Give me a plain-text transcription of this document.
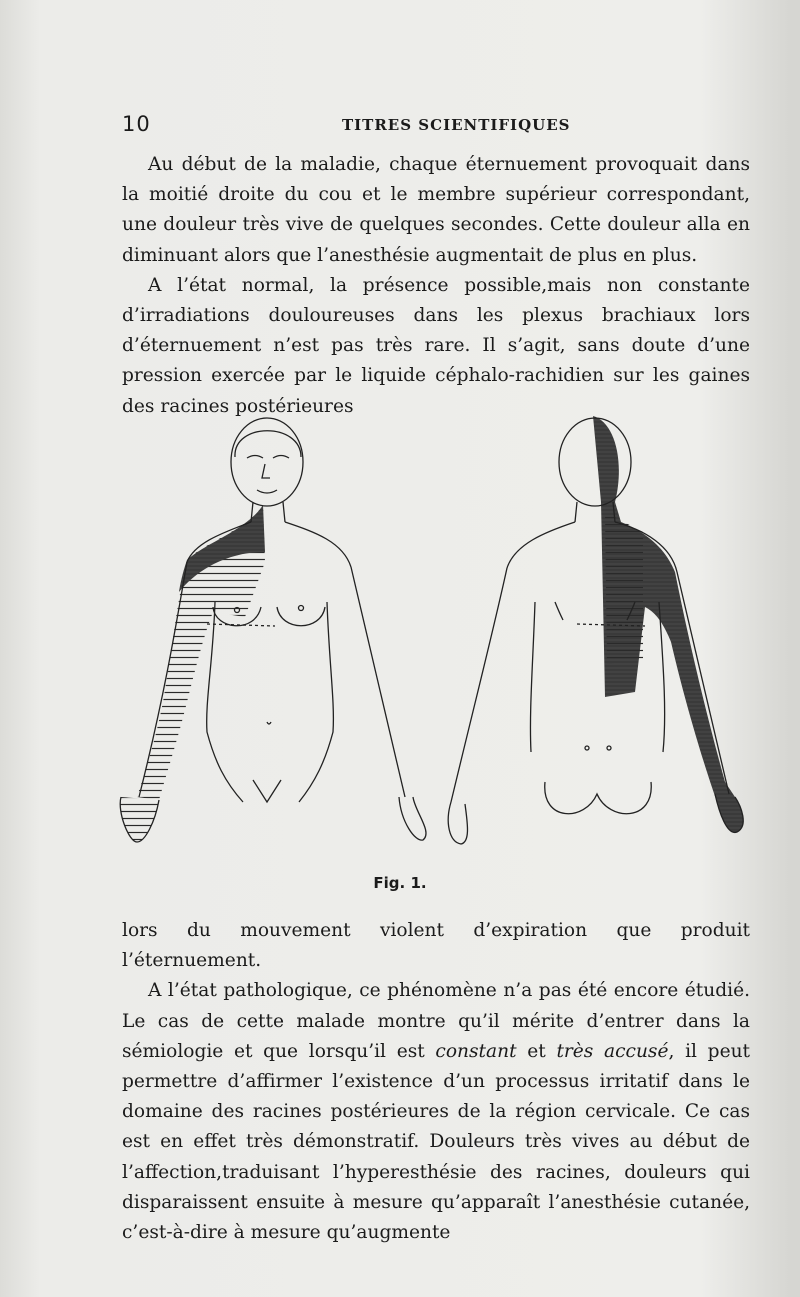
10	TITRES SCIENTIFIQUES

Au début de la maladie, chaque éternuement provoquait dans la moitié droite du cou et le membre supérieur correspondant, une douleur très vive de quelques secondes. Cette douleur alla en diminuant alors que l’anesthésie augmentait de plus en plus.

A l’état normal, la présence possible,mais non constante d’irradiations douloureuses dans les plexus brachiaux lors d’éternuement n’est pas très rare. Il s’agit, sans doute d’une pression exercée par le liquide céphalo-rachidien sur les gaines des racines postérieures

Fig. 1.

lors du mouvement violent d’expiration que produit l’éternuement.

A l’état pathologique, ce phénomène n’a pas été encore étudié. Le cas de cette malade montre qu’il mérite d’entrer dans la sémiologie et que lorsqu’il est constant et très accusé, il peut permettre d’affirmer l’existence d’un processus irritatif dans le domaine des racines postérieures de la région cervicale. Ce cas est en effet très démonstratif. Douleurs très vives au début de l’affection,traduisant l’hyperesthésie des racines, douleurs qui disparaissent ensuite à mesure qu’apparaît l’anesthésie cutanée, c’est-à-dire à mesure qu’augmente
